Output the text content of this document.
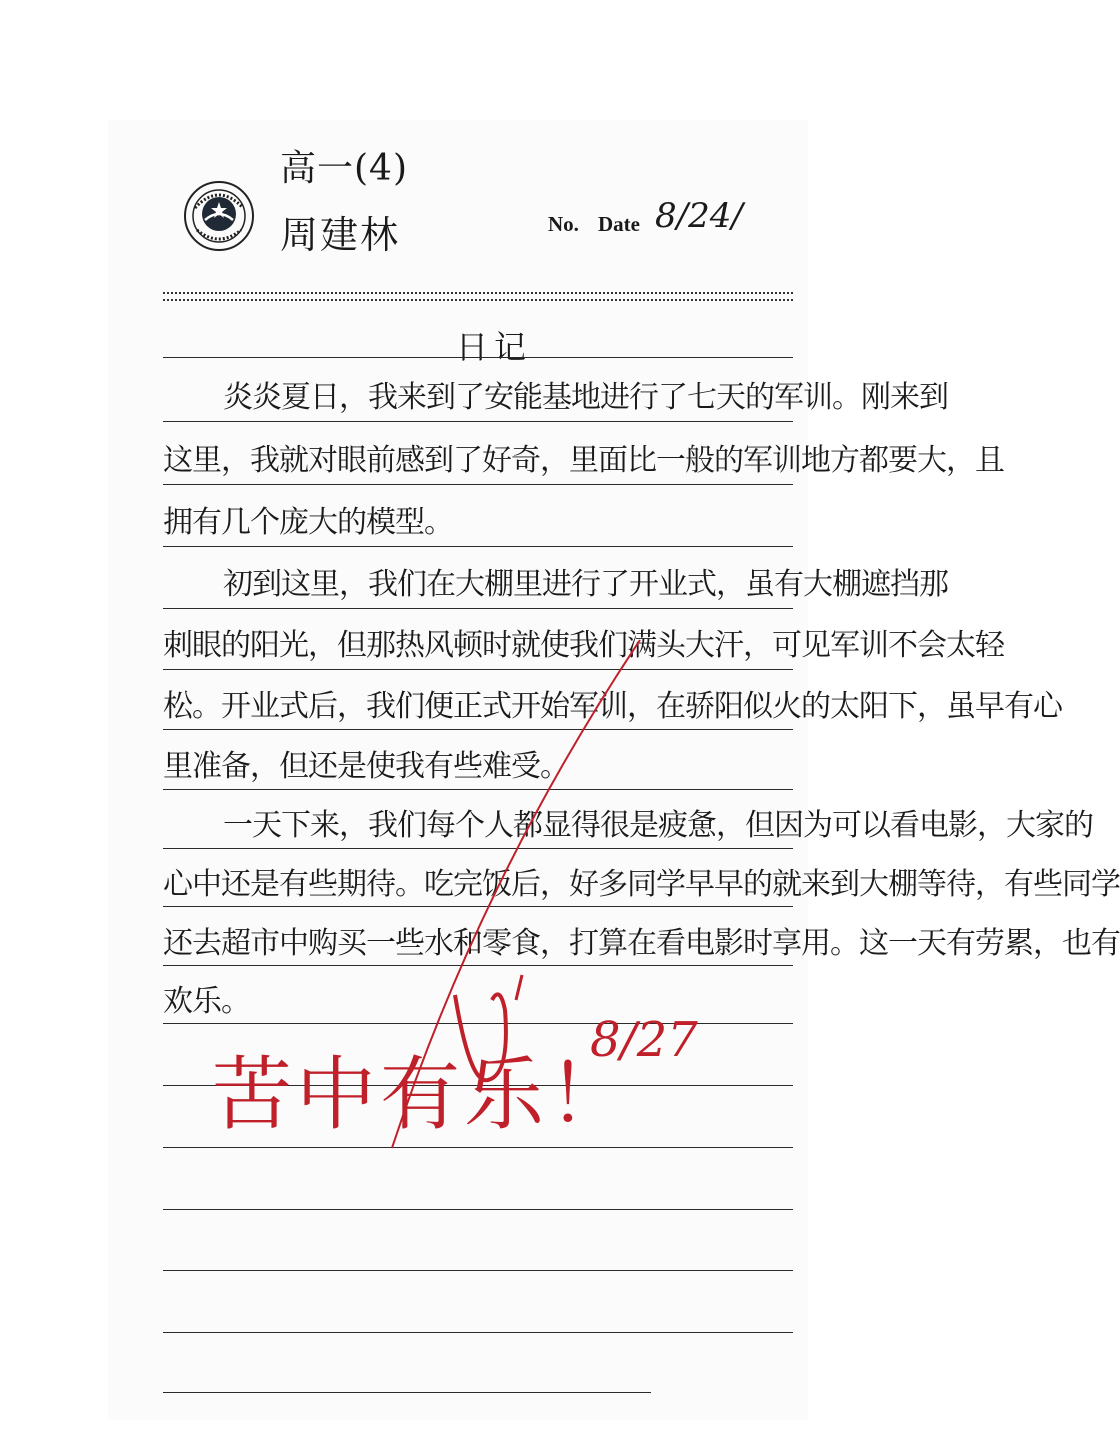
高一(4)
周建林	No. Date 8/24/
日记
炎炎夏日，我来到了安能基地进行了七天的军训。刚来到
这里，我就对眼前感到了好奇，里面比一般的军训地方都要大，且
拥有几个庞大的模型。
初到这里，我们在大棚里进行了开业式，虽有大棚遮挡那
刺眼的阳光，但那热风顿时就使我们满头大汗，可见军训不会太轻
松。开业式后，我们便正式开始军训，在骄阳似火的太阳下，虽早有心
里准备，但还是使我有些难受。
一天下来，我们每个人都显得很是疲惫，但因为可以看电影，大家的
心中还是有些期待。吃完饭后，好多同学早早的就来到大棚等待，有些同学
还去超市中购买一些水和零食，打算在看电影时享用。这一天有劳累，也有
欢乐。
苦中有乐！
8/27
